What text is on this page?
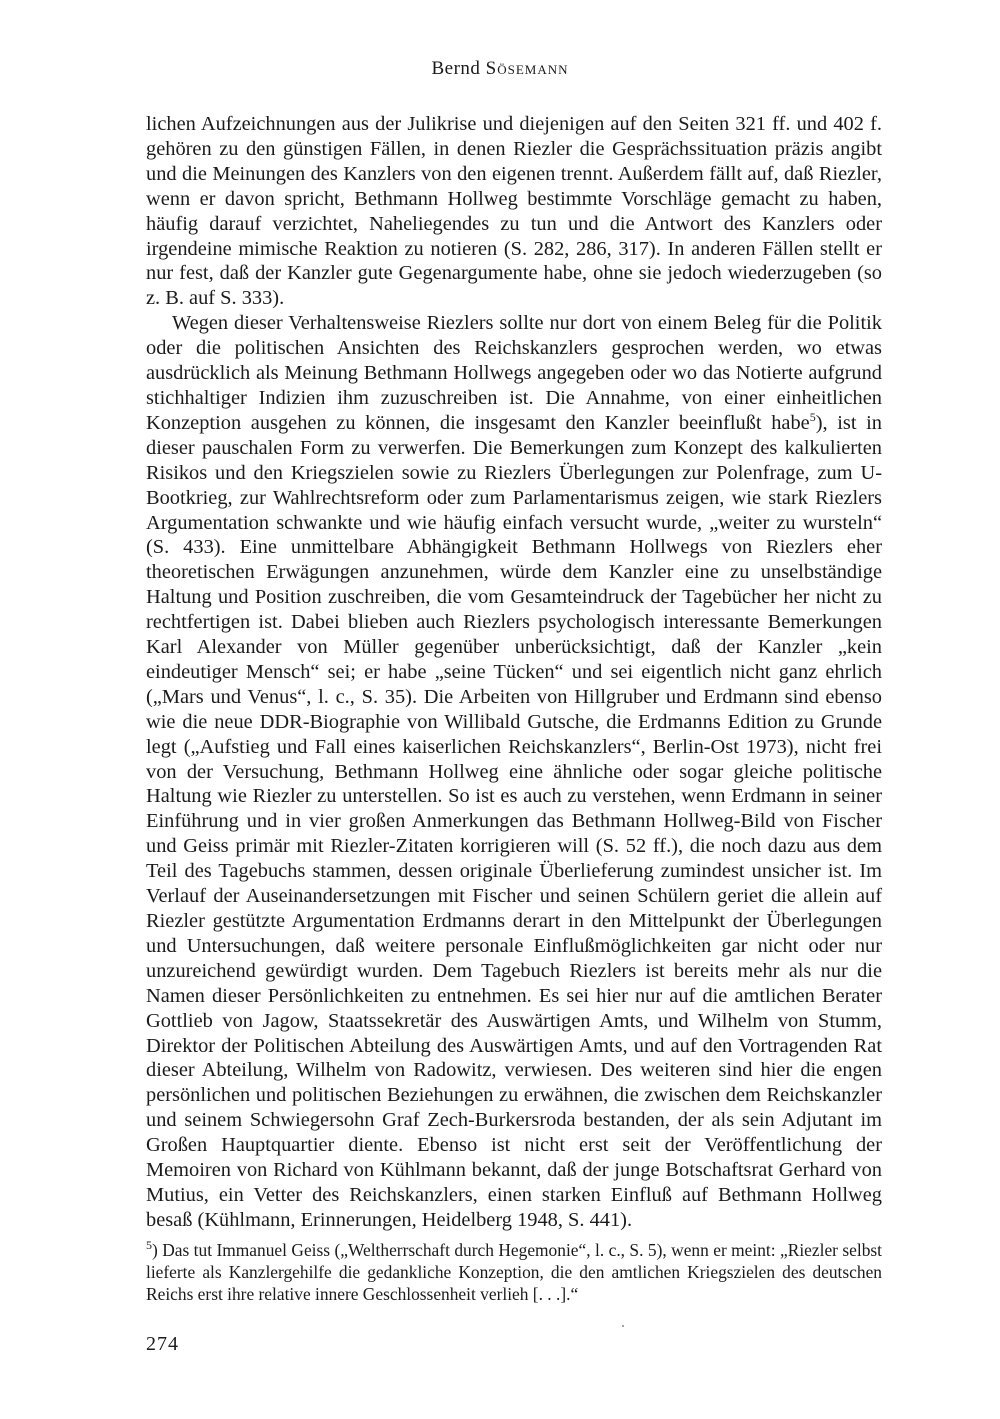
Bernd Sösemann

lichen Aufzeichnungen aus der Julikrise und diejenigen auf den Seiten 321 ff. und 402 f. gehören zu den günstigen Fällen, in denen Riezler die Gesprächssituation präzis angibt und die Meinungen des Kanzlers von den eigenen trennt. Außerdem fällt auf, daß Riezler, wenn er davon spricht, Bethmann Hollweg bestimmte Vorschläge gemacht zu haben, häufig darauf verzichtet, Naheliegendes zu tun und die Antwort des Kanzlers oder irgendeine mimische Reaktion zu notieren (S. 282, 286, 317). In anderen Fällen stellt er nur fest, daß der Kanzler gute Gegenargumente habe, ohne sie jedoch wiederzugeben (so z. B. auf S. 333).

Wegen dieser Verhaltensweise Riezlers sollte nur dort von einem Beleg für die Politik oder die politischen Ansichten des Reichskanzlers gesprochen werden, wo etwas ausdrücklich als Meinung Bethmann Hollwegs angegeben oder wo das Notierte aufgrund stichhaltiger Indizien ihm zuzuschreiben ist. Die Annahme, von einer einheitlichen Konzeption ausgehen zu können, die insgesamt den Kanzler beeinflußt habe$^5$), ist in dieser pauschalen Form zu verwerfen. Die Bemerkungen zum Konzept des kalkulierten Risikos und den Kriegszielen sowie zu Riezlers Überlegungen zur Polenfrage, zum U-Bootkrieg, zur Wahlrechtsreform oder zum Parlamentarismus zeigen, wie stark Riezlers Argumentation schwankte und wie häufig einfach versucht wurde, „weiter zu wursteln“ (S. 433). Eine unmittelbare Abhängigkeit Bethmann Hollwegs von Riezlers eher theoretischen Erwägungen anzunehmen, würde dem Kanzler eine zu unselbständige Haltung und Position zuschreiben, die vom Gesamteindruck der Tagebücher her nicht zu rechtfertigen ist. Dabei blieben auch Riezlers psychologisch interessante Bemerkungen Karl Alexander von Müller gegenüber unberücksichtigt, daß der Kanzler „kein eindeutiger Mensch“ sei; er habe „seine Tücken“ und sei eigentlich nicht ganz ehrlich („Mars und Venus“, l. c., S. 35). Die Arbeiten von Hillgruber und Erdmann sind ebenso wie die neue DDR-Biographie von Willibald Gutsche, die Erdmanns Edition zu Grunde legt („Aufstieg und Fall eines kaiserlichen Reichskanzlers“, Berlin-Ost 1973), nicht frei von der Versuchung, Bethmann Hollweg eine ähnliche oder sogar gleiche politische Haltung wie Riezler zu unterstellen. So ist es auch zu verstehen, wenn Erdmann in seiner Einführung und in vier großen Anmerkungen das Bethmann Hollweg-Bild von Fischer und Geiss primär mit Riezler-Zitaten korrigieren will (S. 52 ff.), die noch dazu aus dem Teil des Tagebuchs stammen, dessen originale Überlieferung zumindest unsicher ist. Im Verlauf der Auseinandersetzungen mit Fischer und seinen Schülern geriet die allein auf Riezler gestützte Argumentation Erdmanns derart in den Mittelpunkt der Überlegungen und Untersuchungen, daß weitere personale Einflußmöglichkeiten gar nicht oder nur unzureichend gewürdigt wurden. Dem Tagebuch Riezlers ist bereits mehr als nur die Namen dieser Persönlichkeiten zu entnehmen. Es sei hier nur auf die amtlichen Berater Gottlieb von Jagow, Staatssekretär des Auswärtigen Amts, und Wilhelm von Stumm, Direktor der Politischen Abteilung des Auswärtigen Amts, und auf den Vortragenden Rat dieser Abteilung, Wilhelm von Radowitz, verwiesen. Des weiteren sind hier die engen persönlichen und politischen Beziehungen zu erwähnen, die zwischen dem Reichskanzler und seinem Schwiegersohn Graf Zech-Burkersroda bestanden, der als sein Adjutant im Großen Hauptquartier diente. Ebenso ist nicht erst seit der Veröffentlichung der Memoiren von Richard von Kühlmann bekannt, daß der junge Botschaftsrat Gerhard von Mutius, ein Vetter des Reichskanzlers, einen starken Einfluß auf Bethmann Hollweg besaß (Kühlmann, Erinnerungen, Heidelberg 1948, S. 441).

$^5$) Das tut Immanuel Geiss („Weltherrschaft durch Hegemonie“, l. c., S. 5), wenn er meint: „Riezler selbst lieferte als Kanzlergehilfe die gedankliche Konzeption, die den amtlichen Kriegszielen des deutschen Reichs erst ihre relative innere Geschlossenheit verlieh [. . .].“

274
